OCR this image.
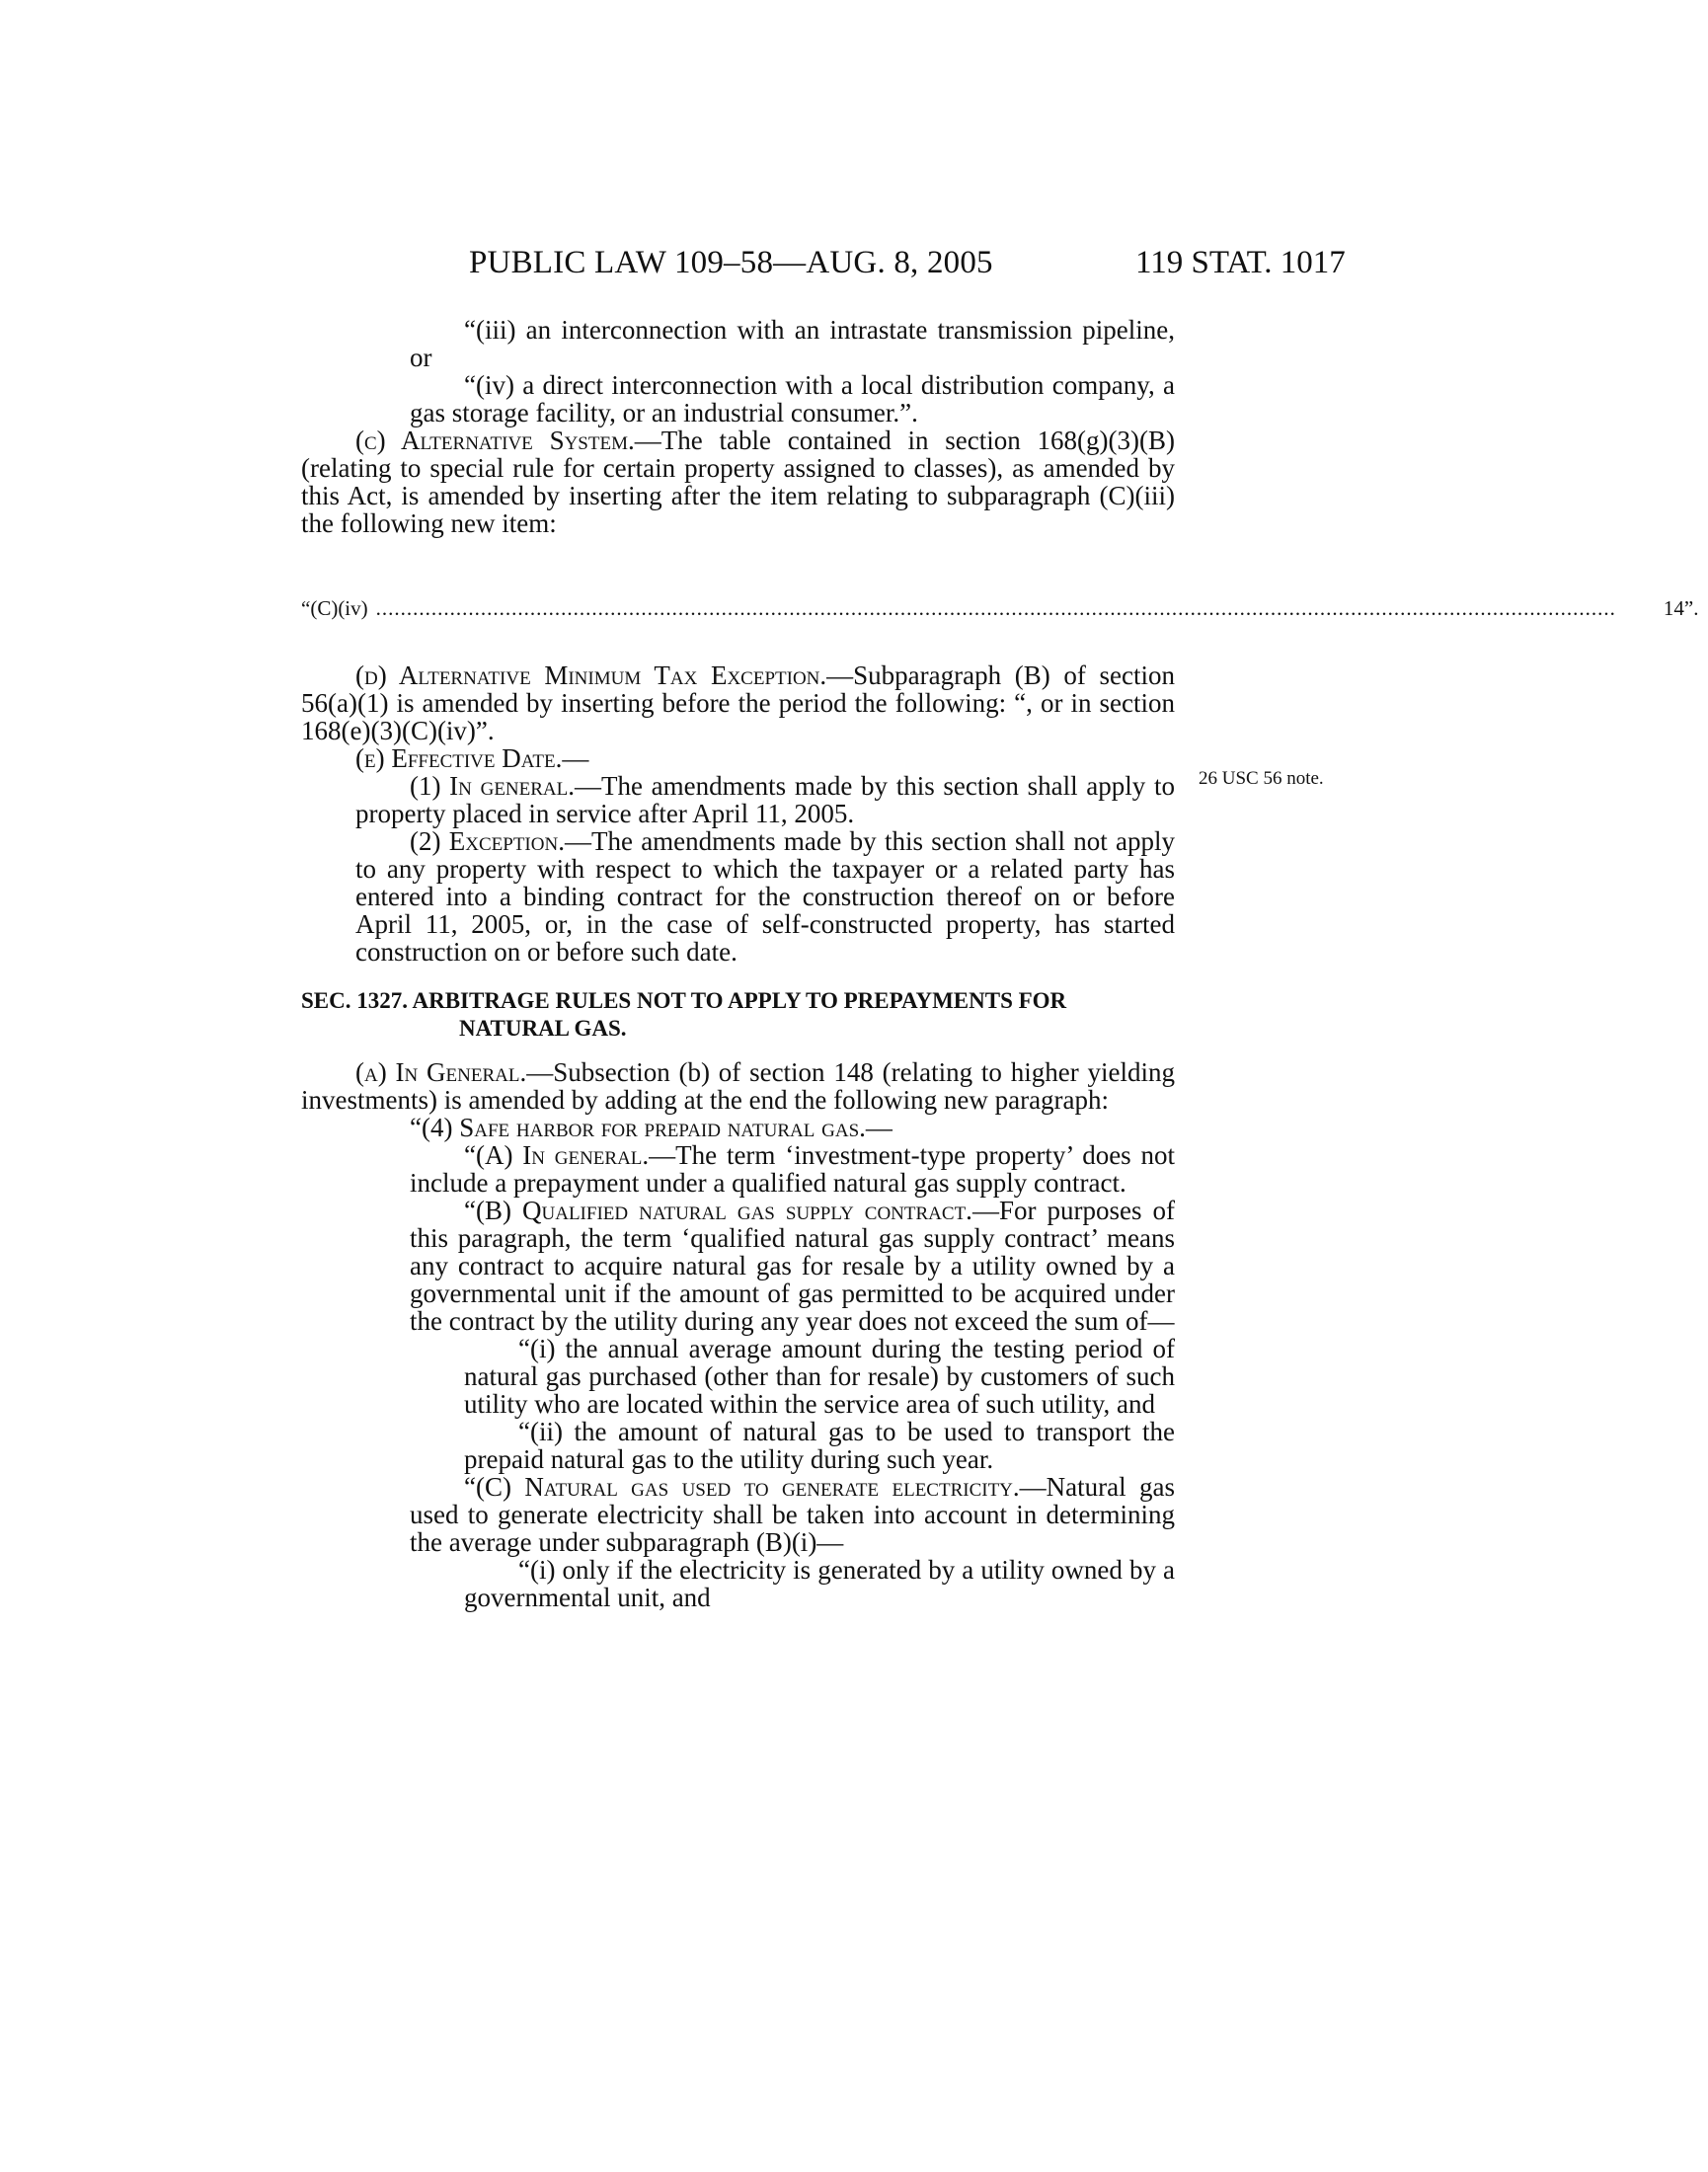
PUBLIC LAW 109–58—AUG. 8, 2005	119 STAT. 1017
26 USC 56 note.

“(iii) an interconnection with an intrastate transmission pipeline, or

“(iv) a direct interconnection with a local distribution company, a gas storage facility, or an industrial consumer.”.

(c) Alternative System.—The table contained in section 168(g)(3)(B) (relating to special rule for certain property assigned to classes), as amended by this Act, is amended by inserting after the item relating to subparagraph (C)(iii) the following new item:

“(C)(iv) .........................................................................................................................................................................................................	14”.

(d) Alternative Minimum Tax Exception.—Subparagraph (B) of section 56(a)(1) is amended by inserting before the period the following: “, or in section 168(e)(3)(C)(iv)”.

(e) Effective Date.—

(1) In general.—The amendments made by this section shall apply to property placed in service after April 11, 2005.

(2) Exception.—The amendments made by this section shall not apply to any property with respect to which the taxpayer or a related party has entered into a binding contract for the construction thereof on or before April 11, 2005, or, in the case of self-constructed property, has started construction on or before such date.

SEC. 1327. ARBITRAGE RULES NOT TO APPLY TO PREPAYMENTS FOR NATURAL GAS.

(a) In General.—Subsection (b) of section 148 (relating to higher yielding investments) is amended by adding at the end the following new paragraph:

“(4) Safe harbor for prepaid natural gas.—

“(A) In general.—The term ‘investment-type property’ does not include a prepayment under a qualified natural gas supply contract.

“(B) Qualified natural gas supply contract.—For purposes of this paragraph, the term ‘qualified natural gas supply contract’ means any contract to acquire natural gas for resale by a utility owned by a governmental unit if the amount of gas permitted to be acquired under the contract by the utility during any year does not exceed the sum of—

“(i) the annual average amount during the testing period of natural gas purchased (other than for resale) by customers of such utility who are located within the service area of such utility, and

“(ii) the amount of natural gas to be used to transport the prepaid natural gas to the utility during such year.

“(C) Natural gas used to generate electricity.—Natural gas used to generate electricity shall be taken into account in determining the average under subparagraph (B)(i)—

“(i) only if the electricity is generated by a utility owned by a governmental unit, and
